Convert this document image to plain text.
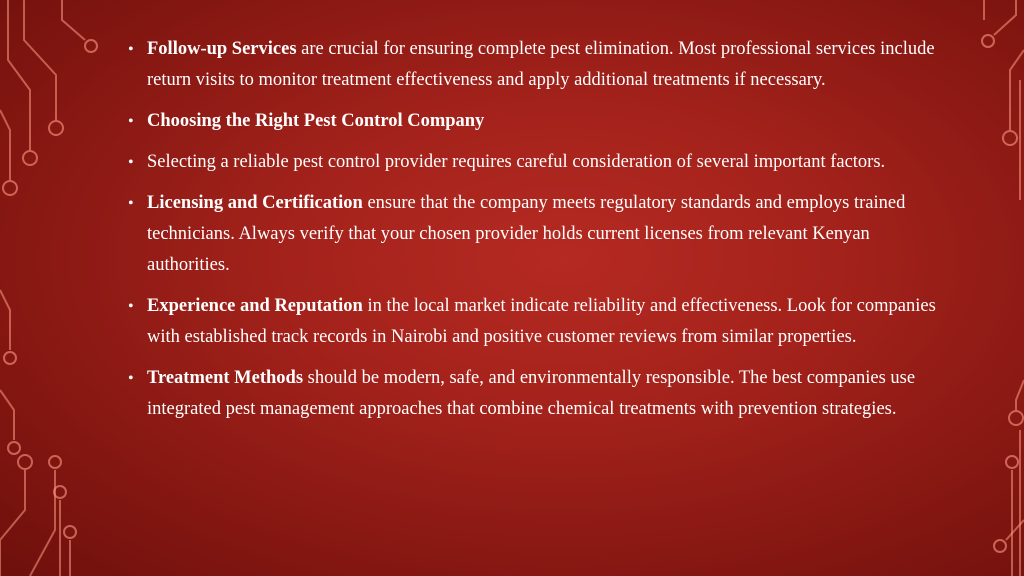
• Follow-up Services are crucial for ensuring complete pest elimination. Most professional services include return visits to monitor treatment effectiveness and apply additional treatments if necessary.
• Choosing the Right Pest Control Company
• Selecting a reliable pest control provider requires careful consideration of several important factors.
• Licensing and Certification ensure that the company meets regulatory standards and employs trained technicians. Always verify that your chosen provider holds current licenses from relevant Kenyan authorities.
• Experience and Reputation in the local market indicate reliability and effectiveness. Look for companies with established track records in Nairobi and positive customer reviews from similar properties.
• Treatment Methods should be modern, safe, and environmentally responsible. The best companies use integrated pest management approaches that combine chemical treatments with prevention strategies.
